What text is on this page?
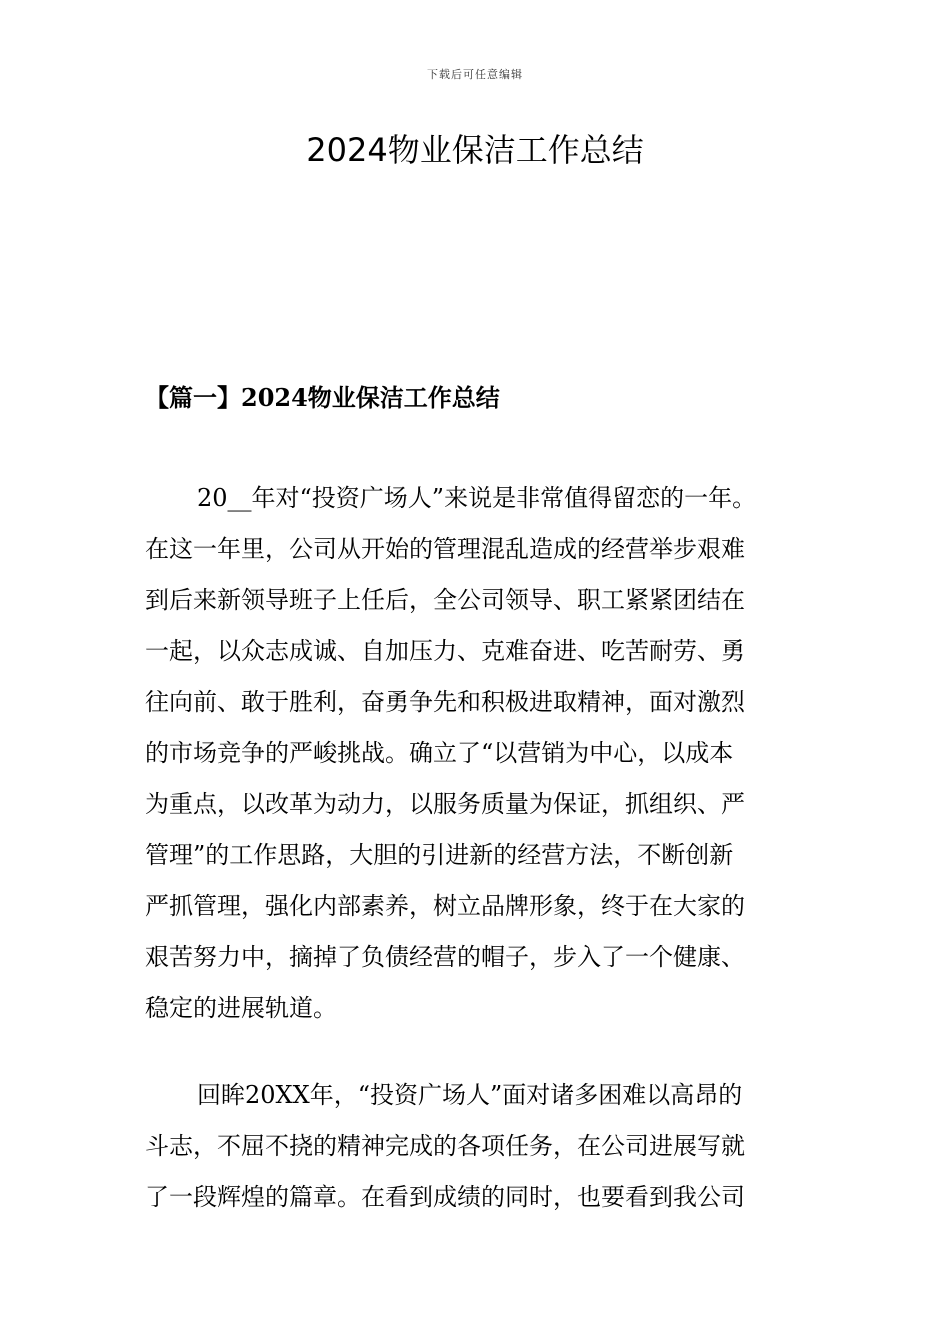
下载后可任意编辑
2024物业保洁工作总结
【篇一】2024物业保洁工作总结

20__年对“投资广场人”来说是非常值得留恋的一年。
在这一年里，公司从开始的管理混乱造成的经营举步艰难
到后来新领导班子上任后，全公司领导、职工紧紧团结在
一起，以众志成诚、自加压力、克难奋进、吃苦耐劳、勇
往向前、敢于胜利，奋勇争先和积极进取精神，面对激烈
的市场竞争的严峻挑战。确立了“以营销为中心，以成本
为重点，以改革为动力，以服务质量为保证，抓组织、严
管理”的工作思路，大胆的引进新的经营方法，不断创新
严抓管理，强化内部素养，树立品牌形象，终于在大家的
艰苦努力中，摘掉了负债经营的帽子，步入了一个健康、
稳定的进展轨道。

回眸20XX年，“投资广场人”面对诸多困难以高昂的
斗志，不屈不挠的精神完成的各项任务，在公司进展写就
了一段辉煌的篇章。在看到成绩的同时，也要看到我公司
